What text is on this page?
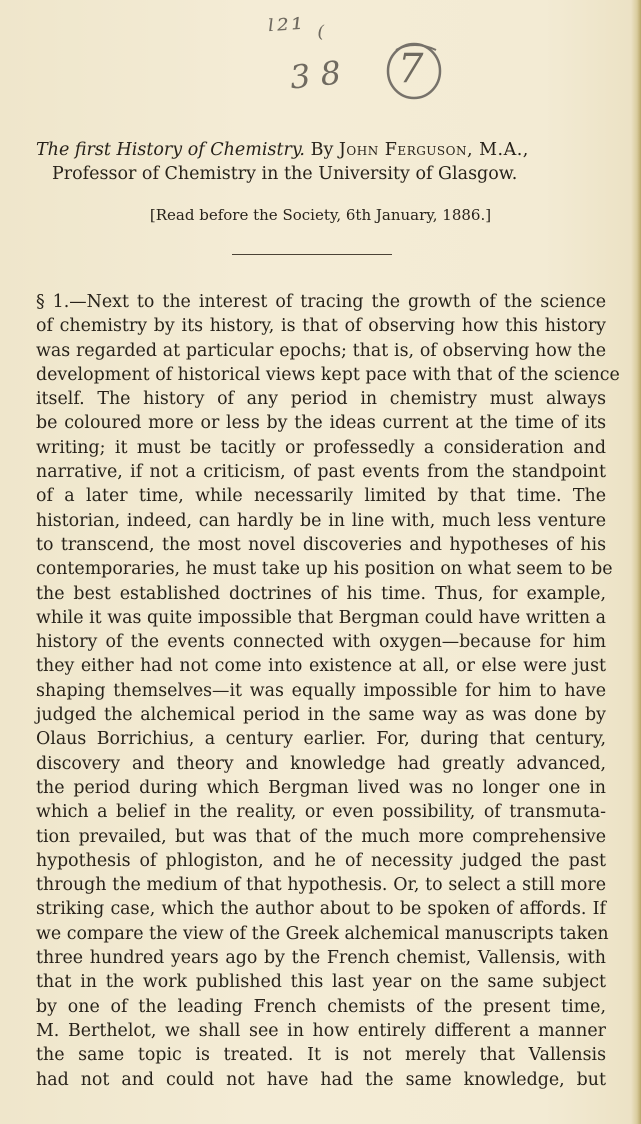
ˡ²¹ ₍
3 8 7
The first History of Chemistry. By John Ferguson, M.A.,
Professor of Chemistry in the University of Glasgow.
[Read before the Society, 6th January, 1886.]
§ 1.—Next to the interest of tracing the growth of the science
of chemistry by its history, is that of observing how this history
was regarded at particular epochs; that is, of observing how the
development of historical views kept pace with that of the science
itself. The history of any period in chemistry must always
be coloured more or less by the ideas current at the time of its
writing; it must be tacitly or professedly a consideration and
narrative, if not a criticism, of past events from the standpoint
of a later time, while necessarily limited by that time. The
historian, indeed, can hardly be in line with, much less venture
to transcend, the most novel discoveries and hypotheses of his
contemporaries, he must take up his position on what seem to be
the best established doctrines of his time. Thus, for example,
while it was quite impossible that Bergman could have written a
history of the events connected with oxygen—because for him
they either had not come into existence at all, or else were just
shaping themselves—it was equally impossible for him to have
judged the alchemical period in the same way as was done by
Olaus Borrichius, a century earlier. For, during that century,
discovery and theory and knowledge had greatly advanced,
the period during which Bergman lived was no longer one in
which a belief in the reality, or even possibility, of transmuta-
tion prevailed, but was that of the much more comprehensive
hypothesis of phlogiston, and he of necessity judged the past
through the medium of that hypothesis. Or, to select a still more
striking case, which the author about to be spoken of affords. If
we compare the view of the Greek alchemical manuscripts taken
three hundred years ago by the French chemist, Vallensis, with
that in the work published this last year on the same subject
by one of the leading French chemists of the present time,
M. Berthelot, we shall see in how entirely different a manner
the same topic is treated. It is not merely that Vallensis
had not and could not have had the same knowledge, but
